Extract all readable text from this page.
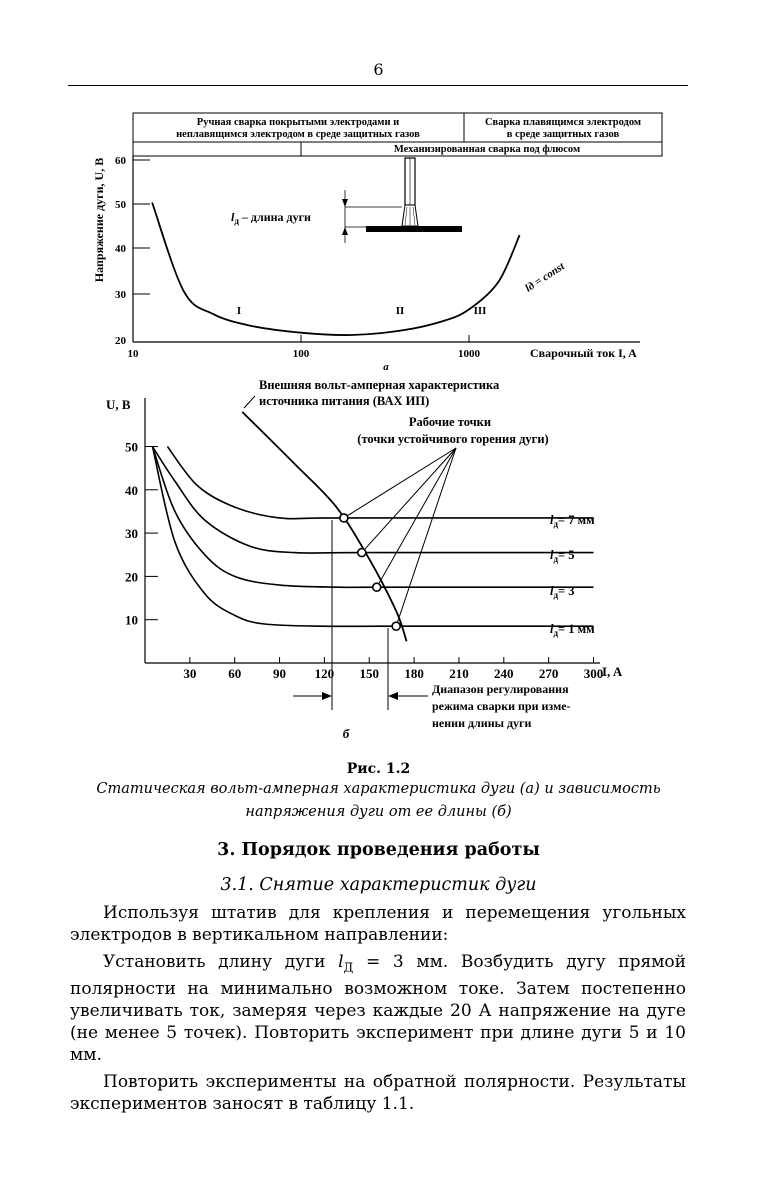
6
Ручная сварка покрытыми электродами и
неплавящимся электродом в среде защитных газов
Сварка плавящимся электродом
в среде защитных газов
Механизированная сварка под флюсом
60
50
40
30
20
Напряжение дуги, U, В
10	100	1000	Сварочный ток I, A
а
I	II	III
lд = const
$l_д$ – длина дуги
U, В
I, A
50
40
30
20
10
30 60 90 120 150 180 210 240 270 300
Внешняя вольт-амперная характеристика
источника питания (ВАХ ИП)
Рабочие точки
(точки устойчивого горения дуги)
$l_д= 7$ мм
$l_д= 5$
$l_д= 3$
$l_д= 1$ мм
Диапазон регулирования
режима сварки при изме-
нении длины дуги
б
Рис. 1.2
Статическая вольт-амперная характеристика дуги (а) и зависимость
напряжения дуги от ее длины (б)
3. Порядок проведения работы
3.1. Снятие характеристик дуги

Используя штатив для крепления и перемещения угольных электродов в вертикальном направлении:

Установить длину дуги $l_Д = 3$ мм. Возбудить дугу прямой полярности на минимально возможном токе. Затем постепенно увеличивать ток, замеряя через каждые 20 А напряжение на дуге (не менее 5 точек). Повторить эксперимент при длине дуги 5 и 10 мм.

Повторить эксперименты на обратной полярности. Результаты экспериментов заносят в таблицу 1.1.
